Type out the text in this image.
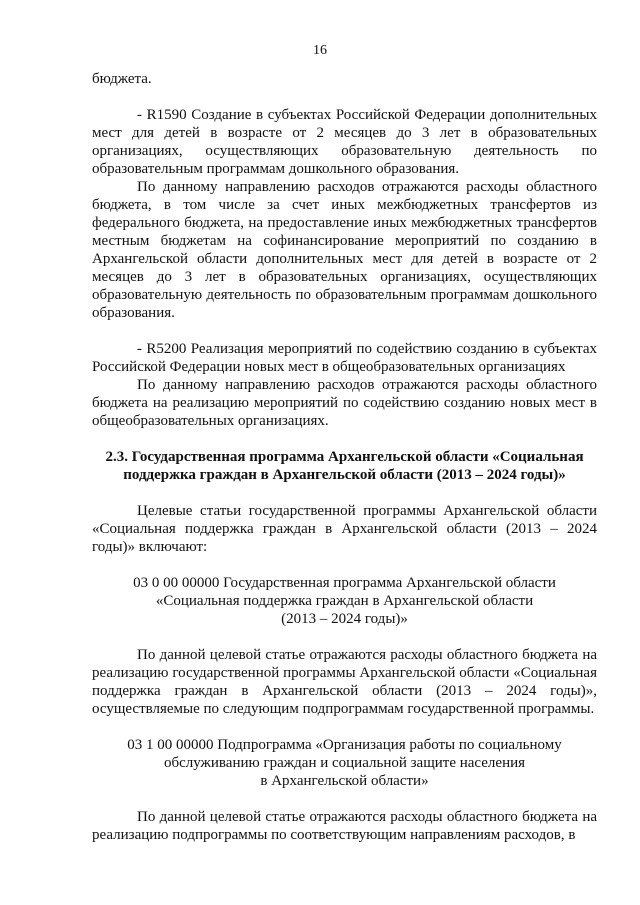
16

бюджета.

- R1590 Создание в субъектах Российской Федерации дополнительных мест для детей в возрасте от 2 месяцев до 3 лет в образовательных организациях, осуществляющих образовательную деятельность по образовательным программам дошкольного образования.

По данному направлению расходов отражаются расходы областного бюджета, в том числе за счет иных межбюджетных трансфертов из федерального бюджета, на предоставление иных межбюджетных трансфертов местным бюджетам на софинансирование мероприятий по созданию в Архангельской области дополнительных мест для детей в возрасте от 2 месяцев до 3 лет в образовательных организациях, осуществляющих образовательную деятельность по образовательным программам дошкольного образования.

- R5200 Реализация мероприятий по содействию созданию в субъектах Российской Федерации новых мест в общеобразовательных организациях

По данному направлению расходов отражаются расходы областного бюджета на реализацию мероприятий по содействию созданию новых мест в общеобразовательных организациях.

2.3. Государственная программа Архангельской области «Социальная
поддержка граждан в Архангельской области (2013 – 2024 годы)»

Целевые статьи государственной программы Архангельской области «Социальная поддержка граждан в Архангельской области (2013 – 2024 годы)» включают:

03 0 00 00000 Государственная программа Архангельской области
«Социальная поддержка граждан в Архангельской области
(2013 – 2024 годы)»

По данной целевой статье отражаются расходы областного бюджета на реализацию государственной программы Архангельской области «Социальная поддержка граждан в Архангельской области (2013 – 2024 годы)», осуществляемые по следующим подпрограммам государственной программы.

03 1 00 00000 Подпрограмма «Организация работы по социальному
обслуживанию граждан и социальной защите населения
в Архангельской области»

По данной целевой статье отражаются расходы областного бюджета на реализацию подпрограммы по соответствующим направлениям расходов, в
